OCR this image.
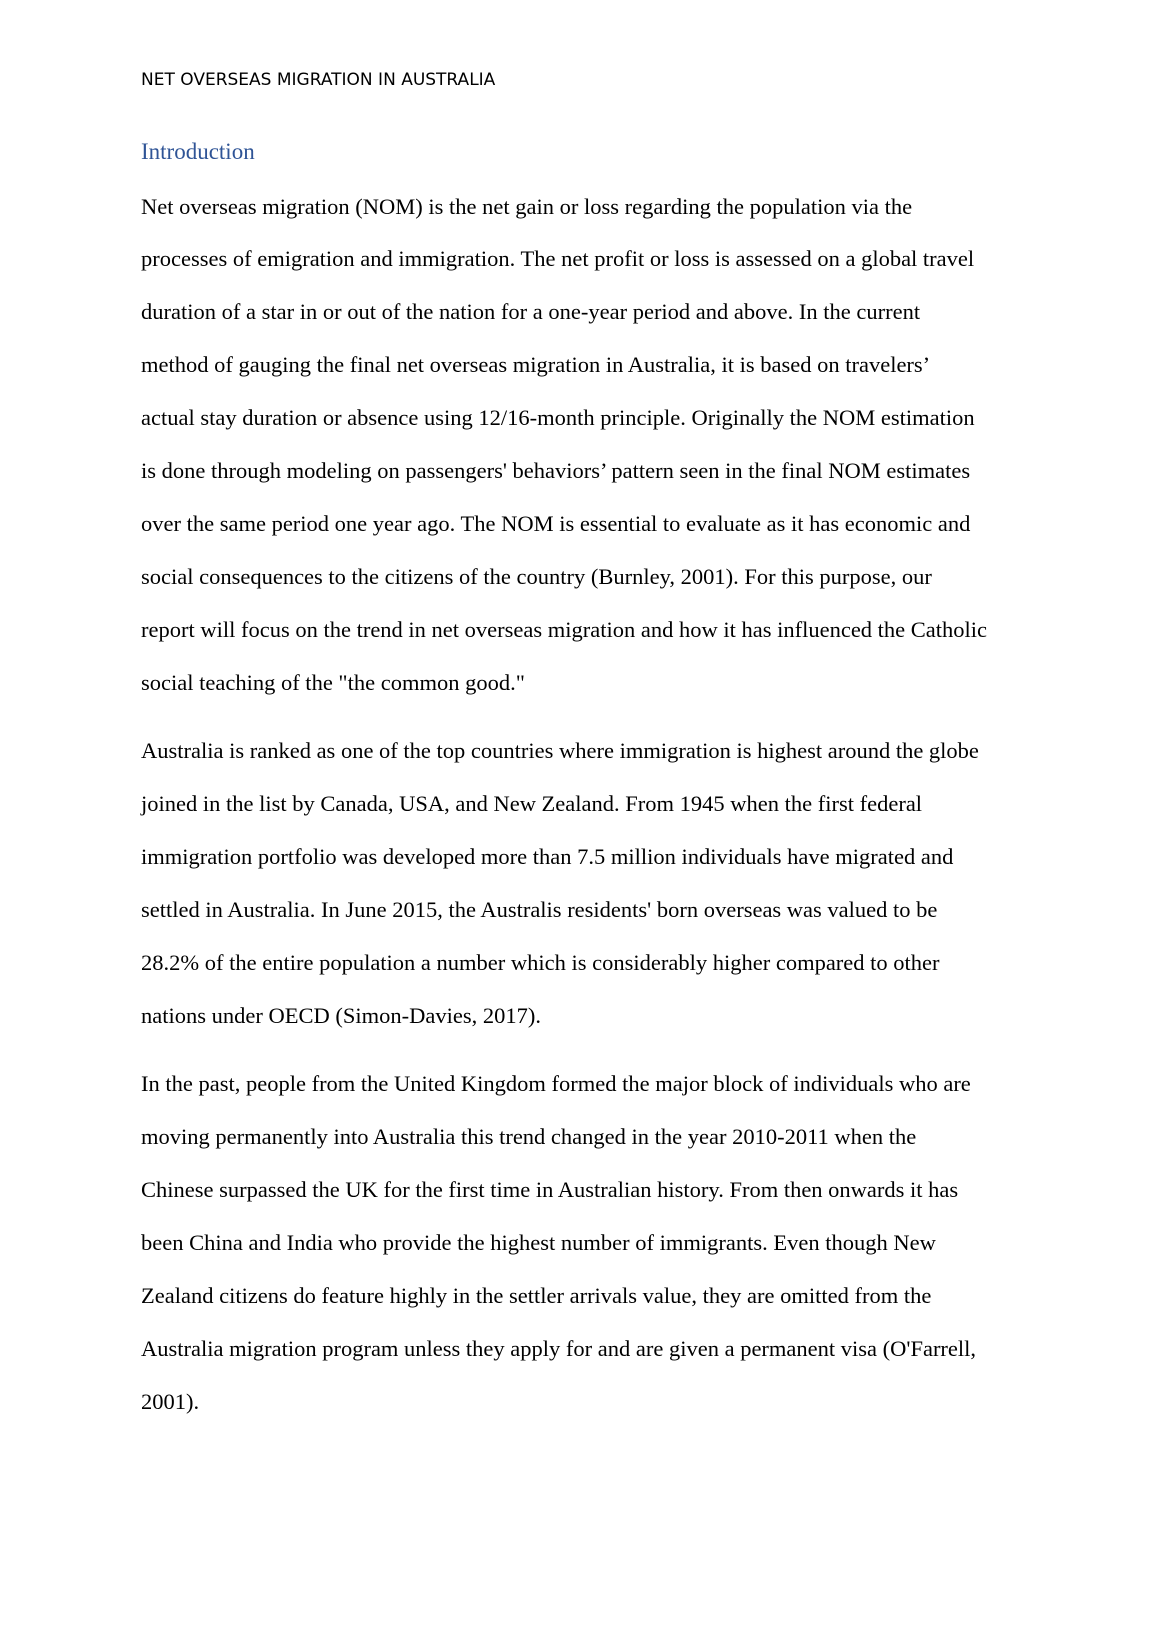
NET OVERSEAS MIGRATION IN AUSTRALIA
Introduction
Net overseas migration (NOM) is the net gain or loss regarding the population via the
processes of emigration and immigration. The net profit or loss is assessed on a global travel
duration of a star in or out of the nation for a one-year period and above. In the current
method of gauging the final net overseas migration in Australia, it is based on travelers’
actual stay duration or absence using 12/16-month principle. Originally the NOM estimation
is done through modeling on passengers' behaviors’ pattern seen in the final NOM estimates
over the same period one year ago. The NOM is essential to evaluate as it has economic and
social consequences to the citizens of the country (Burnley, 2001). For this purpose, our
report will focus on the trend in net overseas migration and how it has influenced the Catholic
social teaching of the "the common good."
Australia is ranked as one of the top countries where immigration is highest around the globe
joined in the list by Canada, USA, and New Zealand. From 1945 when the first federal
immigration portfolio was developed more than 7.5 million individuals have migrated and
settled in Australia. In June 2015, the Australis residents' born overseas was valued to be
28.2% of the entire population a number which is considerably higher compared to other
nations under OECD (Simon-Davies, 2017).
In the past, people from the United Kingdom formed the major block of individuals who are
moving permanently into Australia this trend changed in the year 2010-2011 when the
Chinese surpassed the UK for the first time in Australian history. From then onwards it has
been China and India who provide the highest number of immigrants. Even though New
Zealand citizens do feature highly in the settler arrivals value, they are omitted from the
Australia migration program unless they apply for and are given a permanent visa (O'Farrell,
2001).
